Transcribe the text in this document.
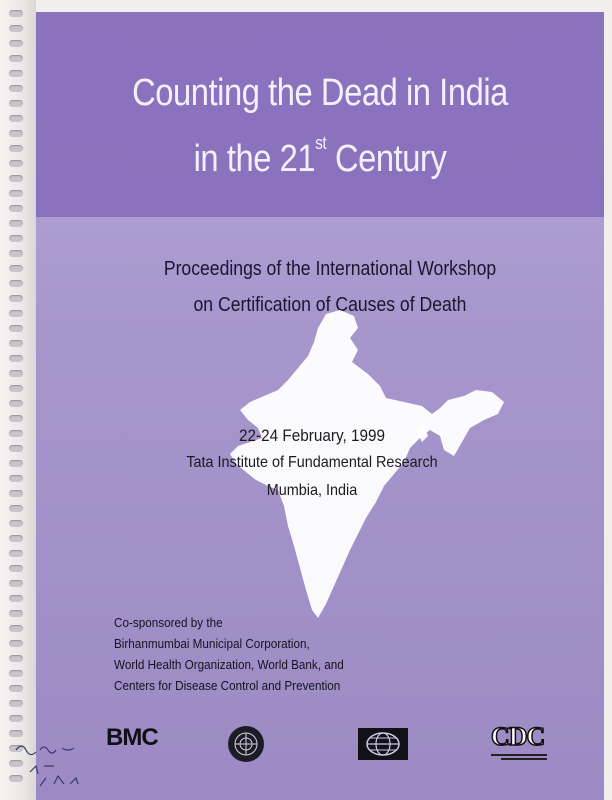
Counting the Dead in India
in the 21st Century
Proceedings of the International Workshop
on Certification of Causes of Death
22-24 February, 1999
Tata Institute of Fundamental Research
Mumbia, India
Co-sponsored by the
Birhanmumbai Municipal Corporation,
World Health Organization, World Bank, and
Centers for Disease Control and Prevention
BMC	CDC
